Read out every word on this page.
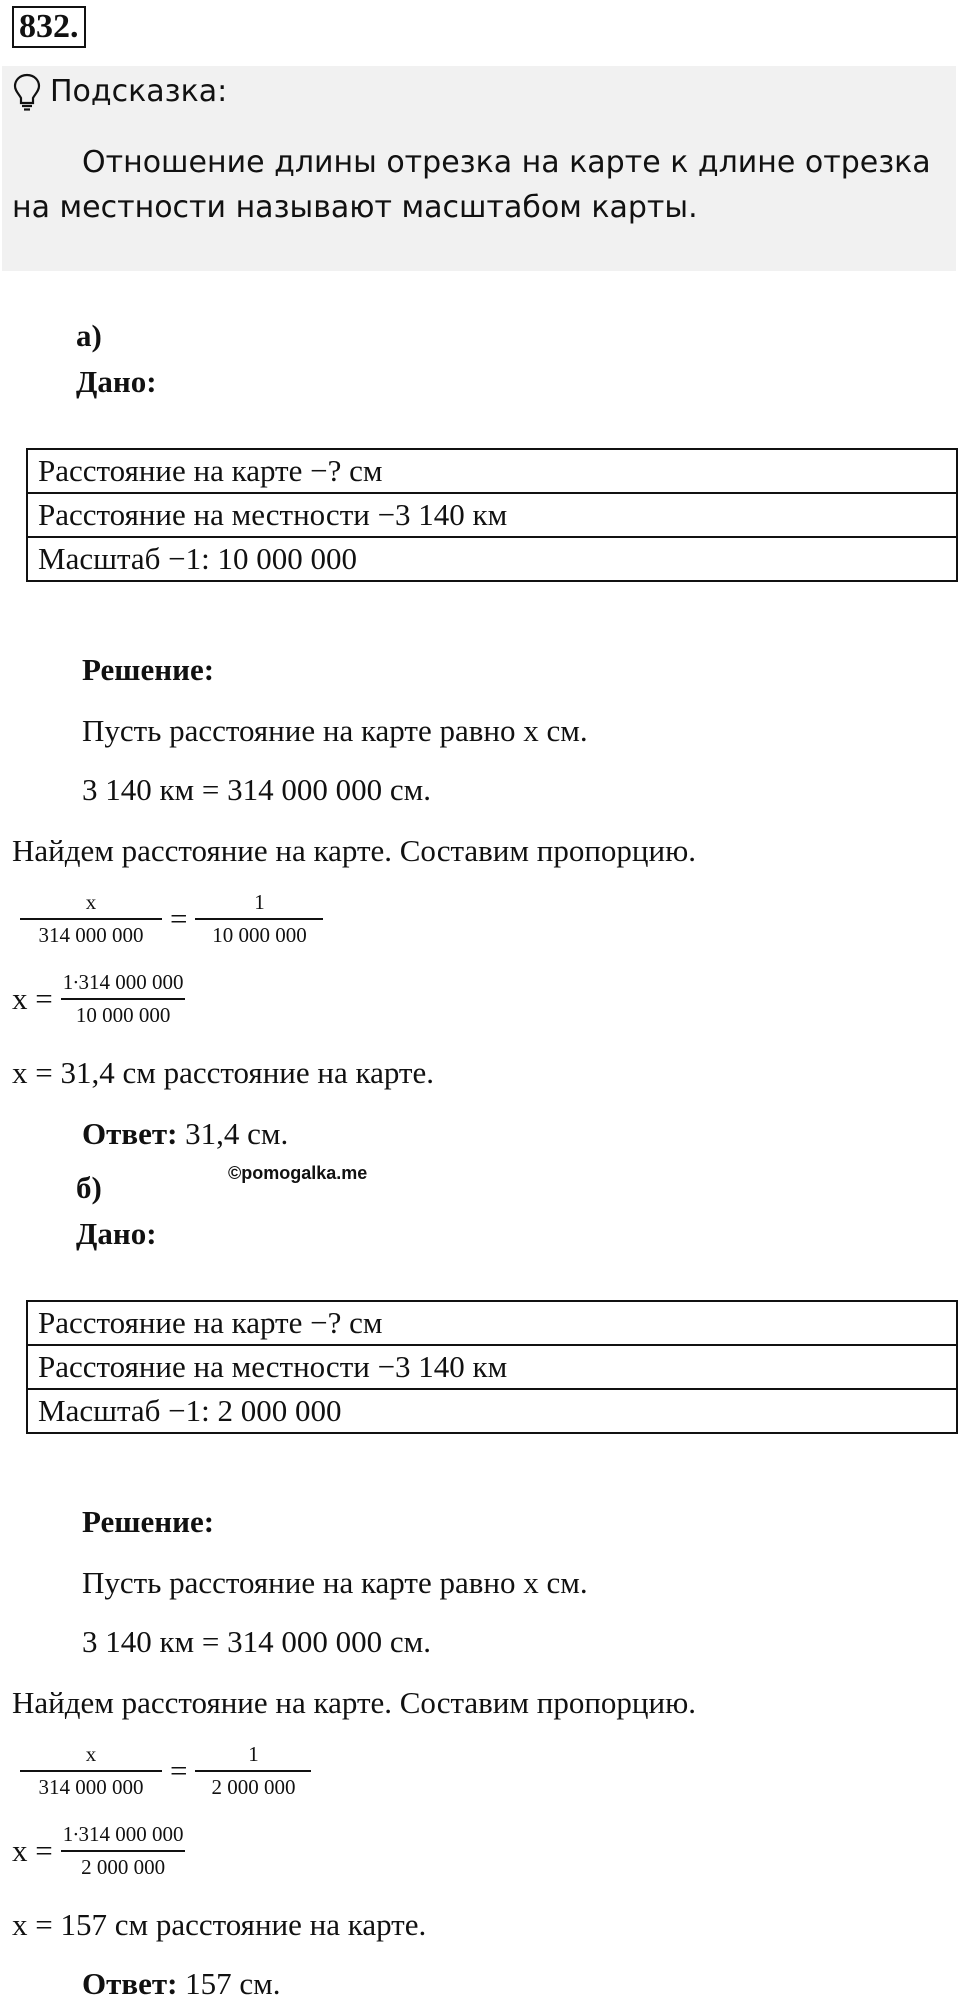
832.
Подсказка:
Отношение длины отрезка на карте к длине отрезка на местности называют масштабом карты.
а)
Дано:
Расстояние на карте −? см
Расстояние на местности −3 140 км
Масштаб −1: 10 000 000
Решение:
Пусть расстояние на карте равно x см.
3 140 км = 314 000 000 см.
Найдем расстояние на карте. Составим пропорцию.
$\frac{x}{314 000 000} = \frac{1}{10 000 000}$
$x = \frac{1\cdot 314 000 000}{10 000 000}$
x = 31,4 см расстояние на карте.
Ответ: 31,4 см.
©pomogalka.me
б)
Дано:
Расстояние на карте −? см
Расстояние на местности −3 140 км
Масштаб −1: 2 000 000
Решение:
Пусть расстояние на карте равно x см.
3 140 км = 314 000 000 см.
Найдем расстояние на карте. Составим пропорцию.
$\frac{x}{314 000 000} = \frac{1}{2 000 000}$
$x = \frac{1\cdot 314 000 000}{2 000 000}$
x = 157 см расстояние на карте.
Ответ: 157 см.
